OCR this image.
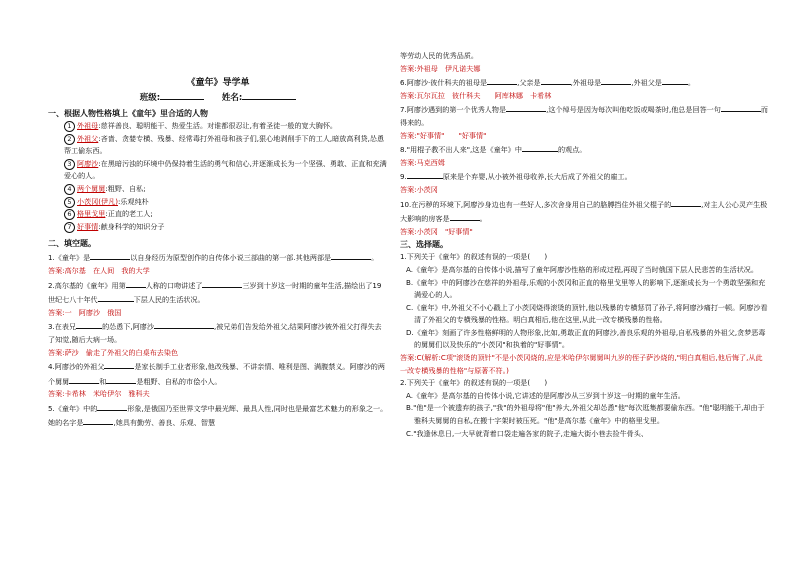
《童年》导学单

班级:	姓名:
一、根据人物性格填上《童年》里合适的人物

1 外祖母:慈祥善良、聪明能干、热爱生活。对谁都很忍让,有着圣徒一般的宽大胸怀。

2 外祖父:吝啬、贪婪专横、残暴、经常毒打外祖母和孩子们,狠心地剥削手下的工人,暗放高利贷,怂恿帮工偷东西。

3 阿廖沙:在黑暗污浊的环境中仍保持着生活的勇气和信心,并逐渐成长为一个坚强、勇敢、正直和充满爱心的人。

4 两个舅舅:粗野、自私;

5 小茨冈(伊凡):乐观纯朴

6 格里戈里:正直的老工人;

7 好事情:献身科学的知识分子

二、填空题。

1.《童年》是	以自身经历为原型创作的自传体小说三部曲的第一部.其他两部是	。

答案:高尔基　在人间　我的大学

2.高尔基的《童年》用第	人称的口吻讲述了	三岁到十岁这一时期的童年生活,描绘出了19世纪七八十年代	下层人民的生活状况。

答案:一　阿廖沙　俄国

3.在表兄	的怂恿下,阿廖沙	,被兄弟们告发给外祖父,结果阿廖沙被外祖父打得失去了知觉,随后大病一场。

答案:萨沙　偷走了外祖父的白桌布去染色

4.阿廖沙的外祖父	是家长制手工业者形象,他改残暴、不讲亲情、唯利是图、满腹禁义。阿廖沙的两个舅舅	和	是粗野、自私的市侩小人。

答案:卡希林　米哈伊尔　雅科夫

5.《童年》中的	形象,是俄国乃至世界文学中最光辉、最具人性,同时也是最富艺术魅力的形象之一。她的名字是	,她具有勤劳、善良、乐观、智慧

等劳动人民的优秀品质。

答案:外祖母　伊凡诺夫娜

6.阿廖沙·彼什科夫的祖母是	,父亲是	,外祖母是	,外祖父是	。

答案:瓦尔瓦拉　彼什科夫　　阿库林娜　卡希林

7.阿廖沙遇到的第一个优秀人物是	,这个绰号是因为每次叫他吃饭或喝茶时,他总是回答一句	而得来的。

答案:"好事情"　　"好事情"

8."用棍子教不出人来",这是《童年》中	的观点。

答案:马克西姆

9.	原来是个弃婴,从小被外祖母收养,长大后成了外祖父的雇工。

答案:小茨冈

10.在污秽的环境下,阿廖沙身边也有一些好人,多次舍身用自己的胳膊挡住外祖父棍子的	,对主人公心灵产生极大影响的房客是	。

答案:小茨冈　"好事情"

三、选择题。

1.下列关于《童年》的叙述有误的一项是(　　)

A.《童年》是高尔基的自传体小说,描写了童年阿廖沙性格的形成过程,再现了当时俄国下层人民悲苦的生活状况。

B.《童年》中的阿廖沙在慈祥的外祖母,乐观的小茨冈和正直的格里戈里等人的影响下,逐渐成长为一个勇敢坚强和充满爱心的人。

C.《童年》中,外祖父不小心戳上了小茨冈烧得滚烫的顶针,他以残暴的专横惩罚了孙子,将阿廖沙痛打一顿。阿廖沙看清了外祖父的专横残暴的性格。明白真相后,他在这里,从此一改专横残暴的性格。

D.《童年》刻画了许多性格鲜明的人物形象,比如,勇敢正直的阿廖沙,善良乐观的外祖母,自私残暴的外祖父,贪梦恶毒的舅舅们以及快乐的"小茨冈"和执着的"好事情"。

答案:C(解析:C项"滚烫的顶针"不是小茨冈烧的,应是米哈伊尔舅舅叫九岁的侄子萨沙烧的,"明白真相后,他后悔了,从此一改专横残暴的性格"与原著不符。)

2.下列关于《童年》的叙述有误的一项是(　　)

A.《童年》是高尔基的自传体小说,它讲述的是阿廖沙从三岁到十岁这一时期的童年生活。

B."他"是一个被遗弃的孩子,"我"的外祖母将"他"养大,外祖父却怂恿"他"每次逛集都要偷东西。"他"聪明能干,却由于雅科夫舅舅的自私,在搬十字架时被压死。"他"是高尔基《童年》中的格里戈里。

C."我逢休息日,一大早就背着口袋走遍各家的院子,走遍大街小巷去捡牛骨头、
